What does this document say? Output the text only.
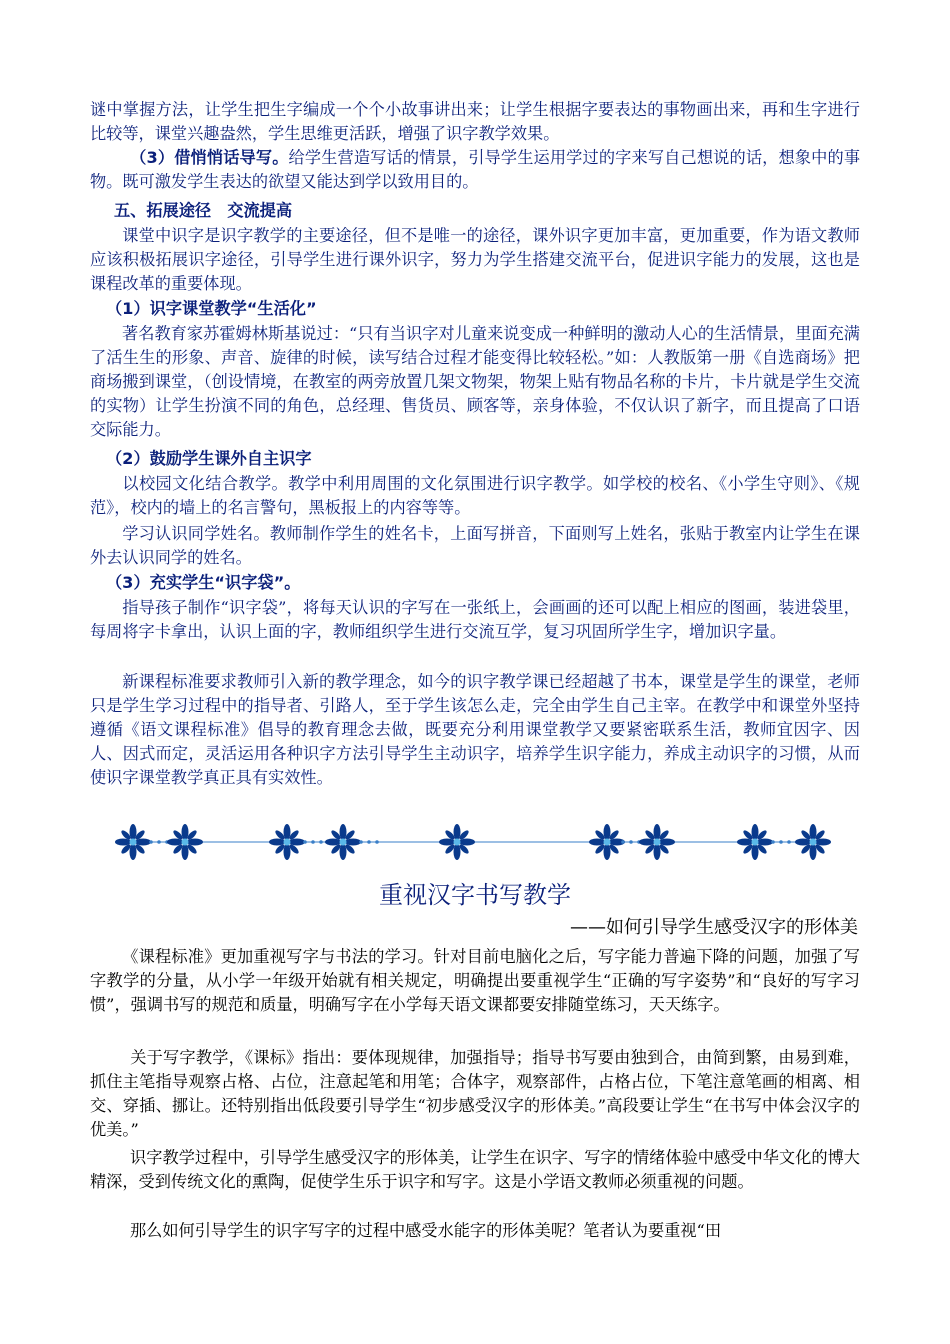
谜中掌握方法，让学生把生字编成一个个小故事讲出来；让学生根据字要表达的事物画出来，再和生字进行比较等，课堂兴趣盎然，学生思维更活跃，增强了识字教学效果。

（3）借悄悄话导写。给学生营造写话的情景，引导学生运用学过的字来写自己想说的话，想象中的事物。既可激发学生表达的欲望又能达到学以致用目的。

五、拓展途径　交流提高

课堂中识字是识字教学的主要途径，但不是唯一的途径，课外识字更加丰富，更加重要，作为语文教师应该积极拓展识字途径，引导学生进行课外识字，努力为学生搭建交流平台，促进识字能力的发展，这也是课程改革的重要体现。

（1）识字课堂教学“生活化”

著名教育家苏霍姆林斯基说过：“只有当识字对儿童来说变成一种鲜明的激动人心的生活情景，里面充满了活生生的形象、声音、旋律的时候，读写结合过程才能变得比较轻松。”如：人教版第一册《自选商场》把商场搬到课堂，（创设情境，在教室的两旁放置几架文物架，物架上贴有物品名称的卡片，卡片就是学生交流的实物）让学生扮演不同的角色，总经理、售货员、顾客等，亲身体验，不仅认识了新字，而且提高了口语交际能力。

（2）鼓励学生课外自主识字

以校园文化结合教学。教学中利用周围的文化氛围进行识字教学。如学校的校名、《小学生守则》、《规范》，校内的墙上的名言警句，黑板报上的内容等等。

学习认识同学姓名。教师制作学生的姓名卡，上面写拼音，下面则写上姓名，张贴于教室内让学生在课外去认识同学的姓名。

（3）充实学生“识字袋”。

指导孩子制作“识字袋”，将每天认识的字写在一张纸上，会画画的还可以配上相应的图画，装进袋里，每周将字卡拿出，认识上面的字，教师组织学生进行交流互学，复习巩固所学生字，增加识字量。

新课程标准要求教师引入新的教学理念，如今的识字教学课已经超越了书本，课堂是学生的课堂，老师只是学生学习过程中的指导者、引路人，至于学生该怎么走，完全由学生自己主宰。在教学中和课堂外坚持遵循《语文课程标准》倡导的教育理念去做，既要充分利用课堂教学又要紧密联系生活，教师宜因字、因人、因式而定，灵活运用各种识字方法引导学生主动识字，培养学生识字能力，养成主动识字的习惯，从而使识字课堂教学真正具有实效性。

重视汉字书写教学
——如何引导学生感受汉字的形体美

《课程标准》更加重视写字与书法的学习。针对目前电脑化之后，写字能力普遍下降的问题，加强了写字教学的分量，从小学一年级开始就有相关规定，明确提出要重视学生“正确的写字姿势”和“良好的写字习惯”，强调书写的规范和质量，明确写字在小学每天语文课都要安排随堂练习，天天练字。

关于写字教学，《课标》指出：要体现规律，加强指导；指导书写要由独到合，由简到繁，由易到难，抓住主笔指导观察占格、占位，注意起笔和用笔；合体字，观察部件，占格占位，下笔注意笔画的相离、相交、穿插、挪让。还特别指出低段要引导学生“初步感受汉字的形体美。”高段要让学生“在书写中体会汉字的优美。”

识字教学过程中，引导学生感受汉字的形体美，让学生在识字、写字的情绪体验中感受中华文化的博大精深，受到传统文化的熏陶，促使学生乐于识字和写字。这是小学语文教师必须重视的问题。

那么如何引导学生的识字写字的过程中感受水能字的形体美呢？笔者认为要重视“田
